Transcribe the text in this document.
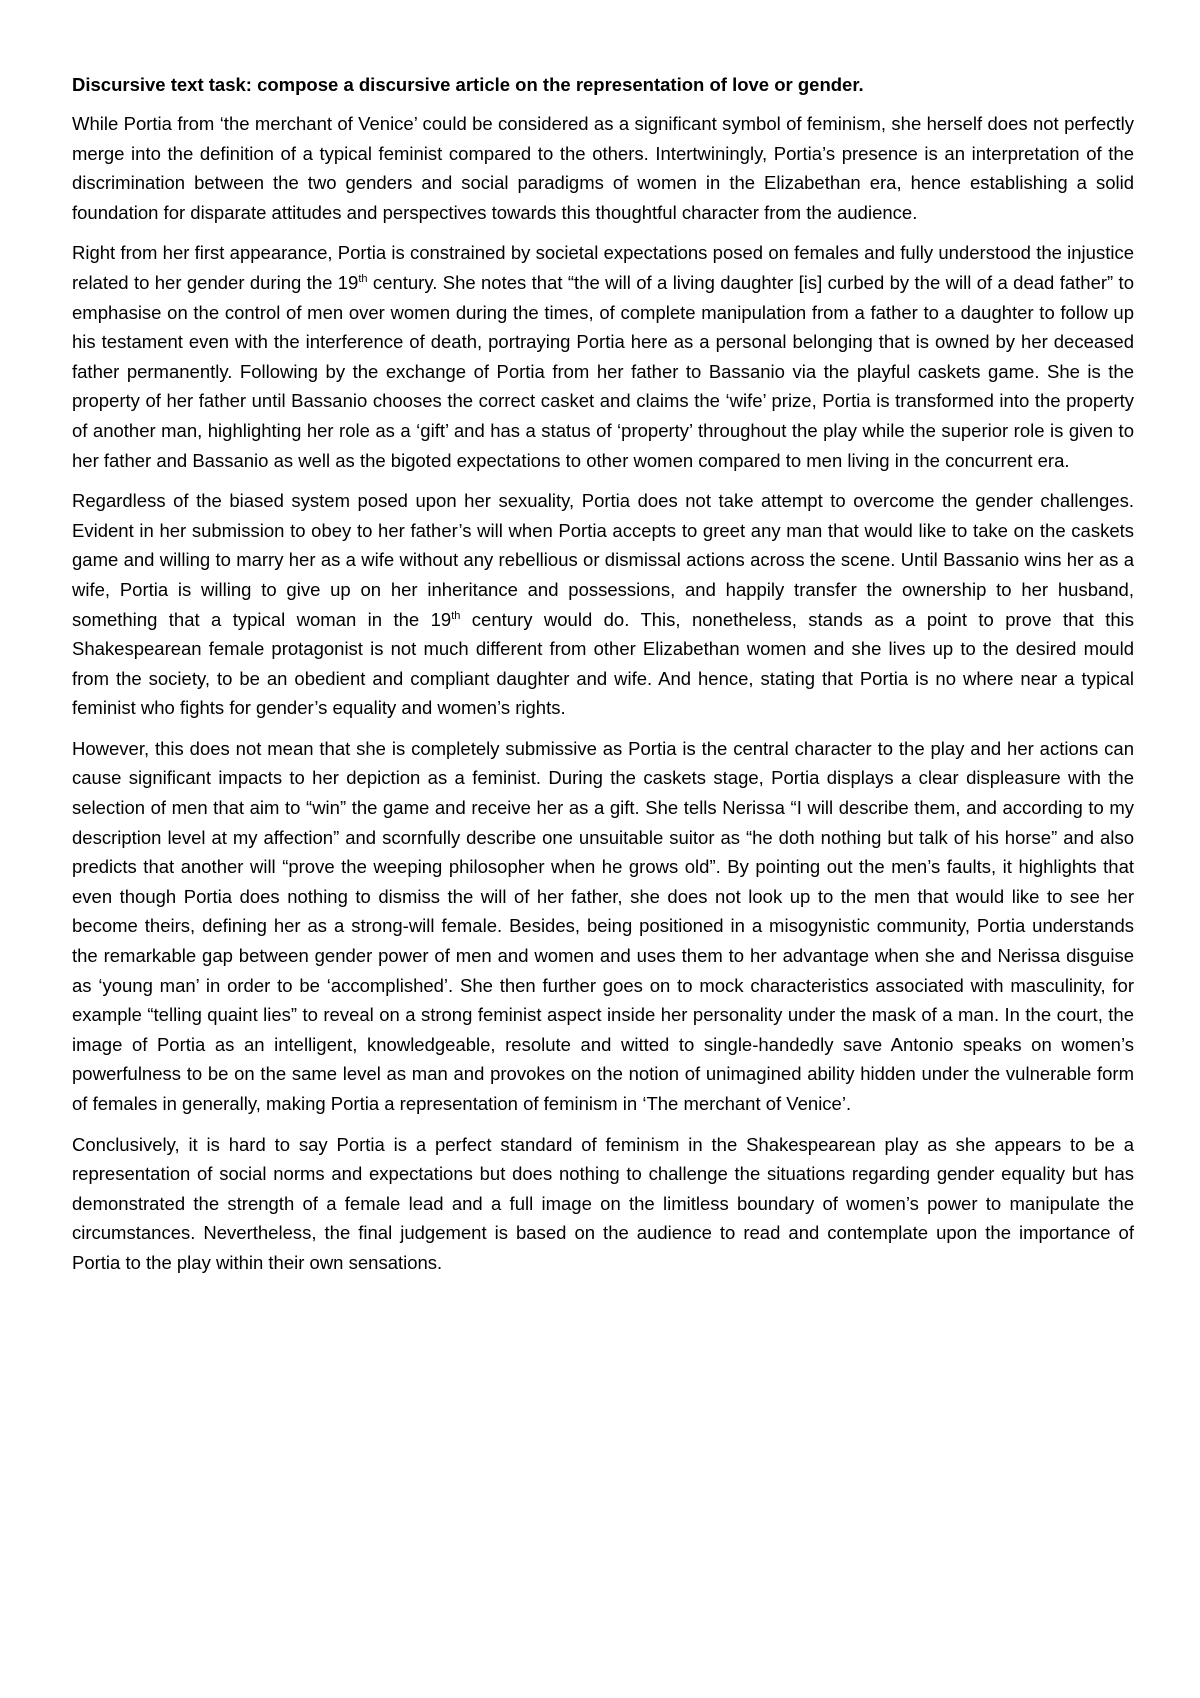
Discursive text task: compose a discursive article on the representation of love or gender.

While Portia from ‘the merchant of Venice’ could be considered as a significant symbol of feminism, she herself does not perfectly merge into the definition of a typical feminist compared to the others. Intertwiningly, Portia’s presence is an interpretation of the discrimination between the two genders and social paradigms of women in the Elizabethan era, hence establishing a solid foundation for disparate attitudes and perspectives towards this thoughtful character from the audience.

Right from her first appearance, Portia is constrained by societal expectations posed on females and fully understood the injustice related to her gender during the 19th century. She notes that “the will of a living daughter [is] curbed by the will of a dead father” to emphasise on the control of men over women during the times, of complete manipulation from a father to a daughter to follow up his testament even with the interference of death, portraying Portia here as a personal belonging that is owned by her deceased father permanently. Following by the exchange of Portia from her father to Bassanio via the playful caskets game. She is the property of her father until Bassanio chooses the correct casket and claims the ‘wife’ prize, Portia is transformed into the property of another man, highlighting her role as a ‘gift’ and has a status of ‘property’ throughout the play while the superior role is given to her father and Bassanio as well as the bigoted expectations to other women compared to men living in the concurrent era.

Regardless of the biased system posed upon her sexuality, Portia does not take attempt to overcome the gender challenges. Evident in her submission to obey to her father’s will when Portia accepts to greet any man that would like to take on the caskets game and willing to marry her as a wife without any rebellious or dismissal actions across the scene. Until Bassanio wins her as a wife, Portia is willing to give up on her inheritance and possessions, and happily transfer the ownership to her husband, something that a typical woman in the 19th century would do. This, nonetheless, stands as a point to prove that this Shakespearean female protagonist is not much different from other Elizabethan women and she lives up to the desired mould from the society, to be an obedient and compliant daughter and wife. And hence, stating that Portia is no where near a typical feminist who fights for gender’s equality and women’s rights.

However, this does not mean that she is completely submissive as Portia is the central character to the play and her actions can cause significant impacts to her depiction as a feminist. During the caskets stage, Portia displays a clear displeasure with the selection of men that aim to “win” the game and receive her as a gift. She tells Nerissa “I will describe them, and according to my description level at my affection” and scornfully describe one unsuitable suitor as “he doth nothing but talk of his horse” and also predicts that another will “prove the weeping philosopher when he grows old”. By pointing out the men’s faults, it highlights that even though Portia does nothing to dismiss the will of her father, she does not look up to the men that would like to see her become theirs, defining her as a strong-will female. Besides, being positioned in a misogynistic community, Portia understands the remarkable gap between gender power of men and women and uses them to her advantage when she and Nerissa disguise as ‘young man’ in order to be ‘accomplished’. She then further goes on to mock characteristics associated with masculinity, for example “telling quaint lies” to reveal on a strong feminist aspect inside her personality under the mask of a man. In the court, the image of Portia as an intelligent, knowledgeable, resolute and witted to single-handedly save Antonio speaks on women’s powerfulness to be on the same level as man and provokes on the notion of unimagined ability hidden under the vulnerable form of females in generally, making Portia a representation of feminism in ‘The merchant of Venice’.

Conclusively, it is hard to say Portia is a perfect standard of feminism in the Shakespearean play as she appears to be a representation of social norms and expectations but does nothing to challenge the situations regarding gender equality but has demonstrated the strength of a female lead and a full image on the limitless boundary of women’s power to manipulate the circumstances. Nevertheless, the final judgement is based on the audience to read and contemplate upon the importance of Portia to the play within their own sensations.
